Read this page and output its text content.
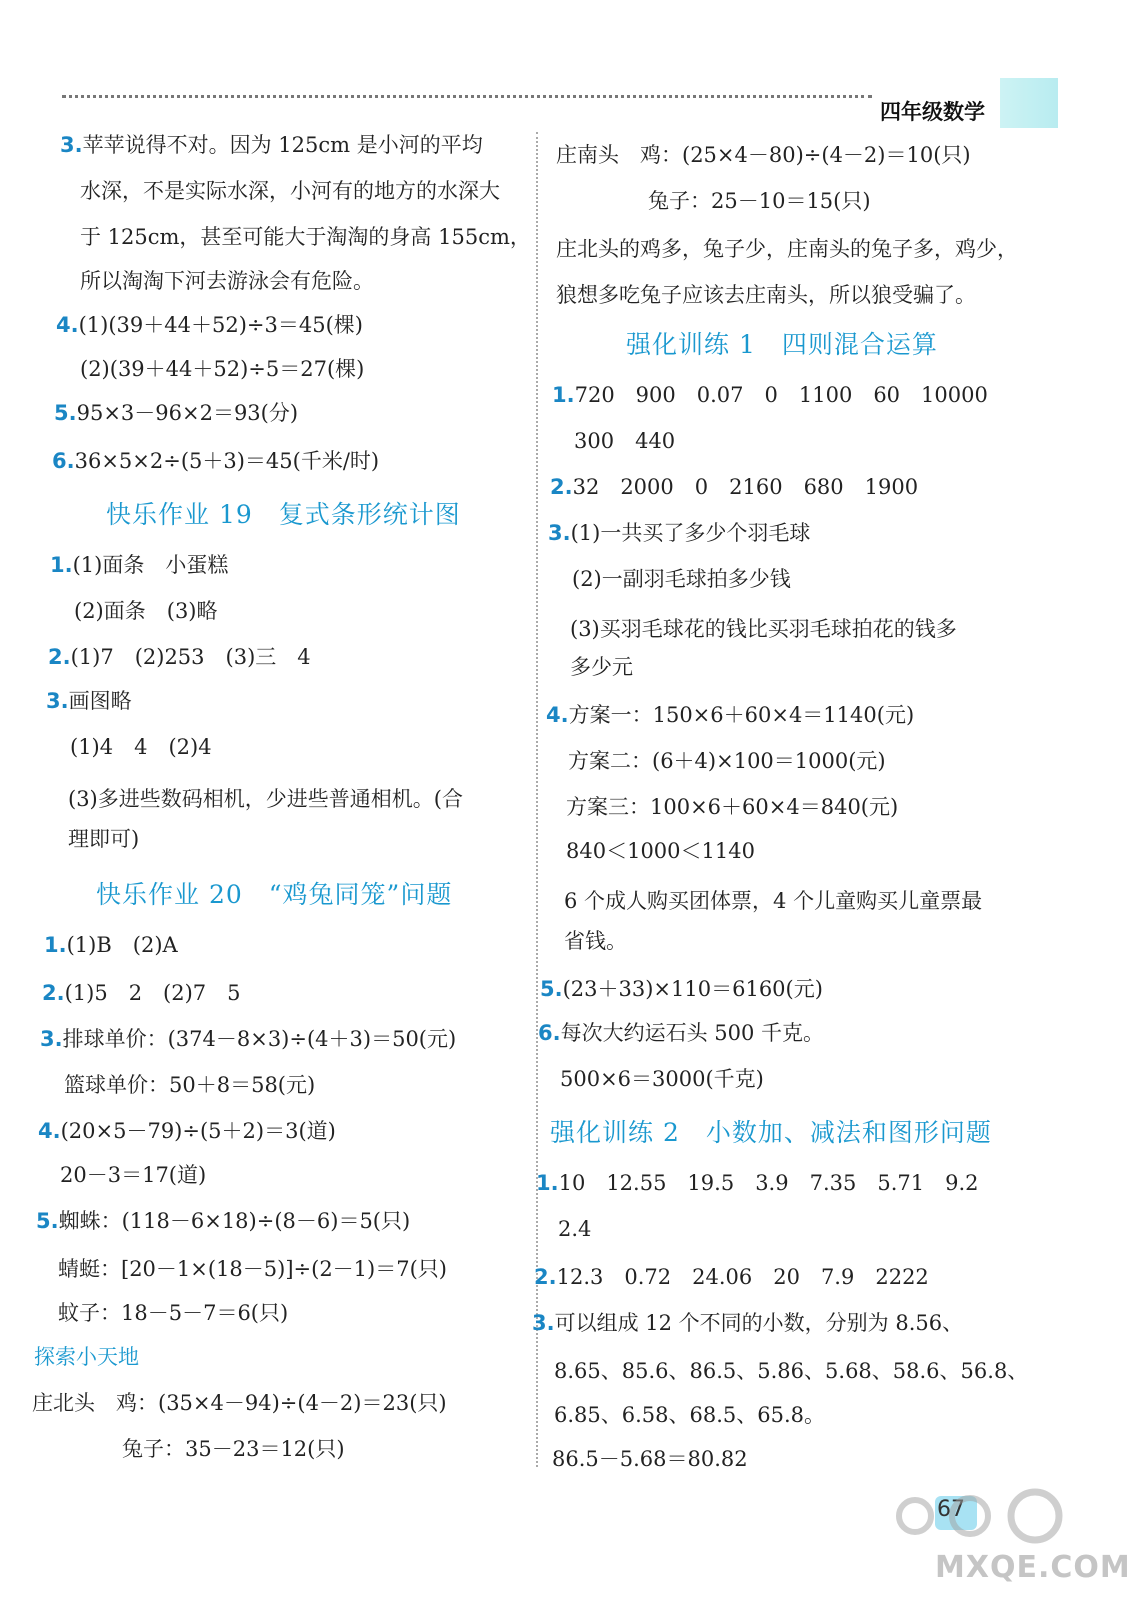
四年级数学
3.苹苹说得不对。因为 125cm 是小河的平均
水深，不是实际水深，小河有的地方的水深大
于 125cm，甚至可能大于淘淘的身高 155cm，
所以淘淘下河去游泳会有危险。
4.(1)(39＋44＋52)÷3＝45(棵)
(2)(39＋44＋52)÷5＝27(棵)
5.95×3－96×2＝93(分)
6.36×5×2÷(5＋3)＝45(千米/时)
快乐作业 19　复式条形统计图
1.(1)面条　小蛋糕
(2)面条　(3)略
2.(1)7　(2)253　(3)三　4
3.画图略
(1)4　4　(2)4
(3)多进些数码相机，少进些普通相机。(合
理即可)
快乐作业 20　“鸡兔同笼”问题
1.(1)B　(2)A
2.(1)5　2　(2)7　5
3.排球单价：(374－8×3)÷(4＋3)＝50(元)
篮球单价：50＋8＝58(元)
4.(20×5－79)÷(5＋2)＝3(道)
20－3＝17(道)
5.蜘蛛：(118－6×18)÷(8－6)＝5(只)
蜻蜓：[20－1×(18－5)]÷(2－1)＝7(只)
蚊子：18－5－7＝6(只)
探索小天地
庄北头　鸡：(35×4－94)÷(4－2)＝23(只)
兔子：35－23＝12(只)
庄南头　鸡：(25×4－80)÷(4－2)＝10(只)
兔子：25－10＝15(只)
庄北头的鸡多，兔子少，庄南头的兔子多，鸡少，
狼想多吃兔子应该去庄南头，所以狼受骗了。
强化训练 1　四则混合运算
1.720　900　0.07　0　1100　60　10000
300　440
2.32　2000　0　2160　680　1900
3.(1)一共买了多少个羽毛球
(2)一副羽毛球拍多少钱
(3)买羽毛球花的钱比买羽毛球拍花的钱多
多少元
4.方案一：150×6＋60×4＝1140(元)
方案二：(6＋4)×100＝1000(元)
方案三：100×6＋60×4＝840(元)
840＜1000＜1140
6 个成人购买团体票，4 个儿童购买儿童票最
省钱。
5.(23＋33)×110＝6160(元)
6.每次大约运石头 500 千克。
500×6＝3000(千克)
强化训练 2　小数加、减法和图形问题
1.10　12.55　19.5　3.9　7.35　5.71　9.2
2.4
2.12.3　0.72　24.06　20　7.9　2222
3.可以组成 12 个不同的小数，分别为 8.56、
8.65、85.6、86.5、5.86、5.68、58.6、56.8、
6.85、6.58、68.5、65.8。
86.5－5.68＝80.82
67
MXQE.COM
